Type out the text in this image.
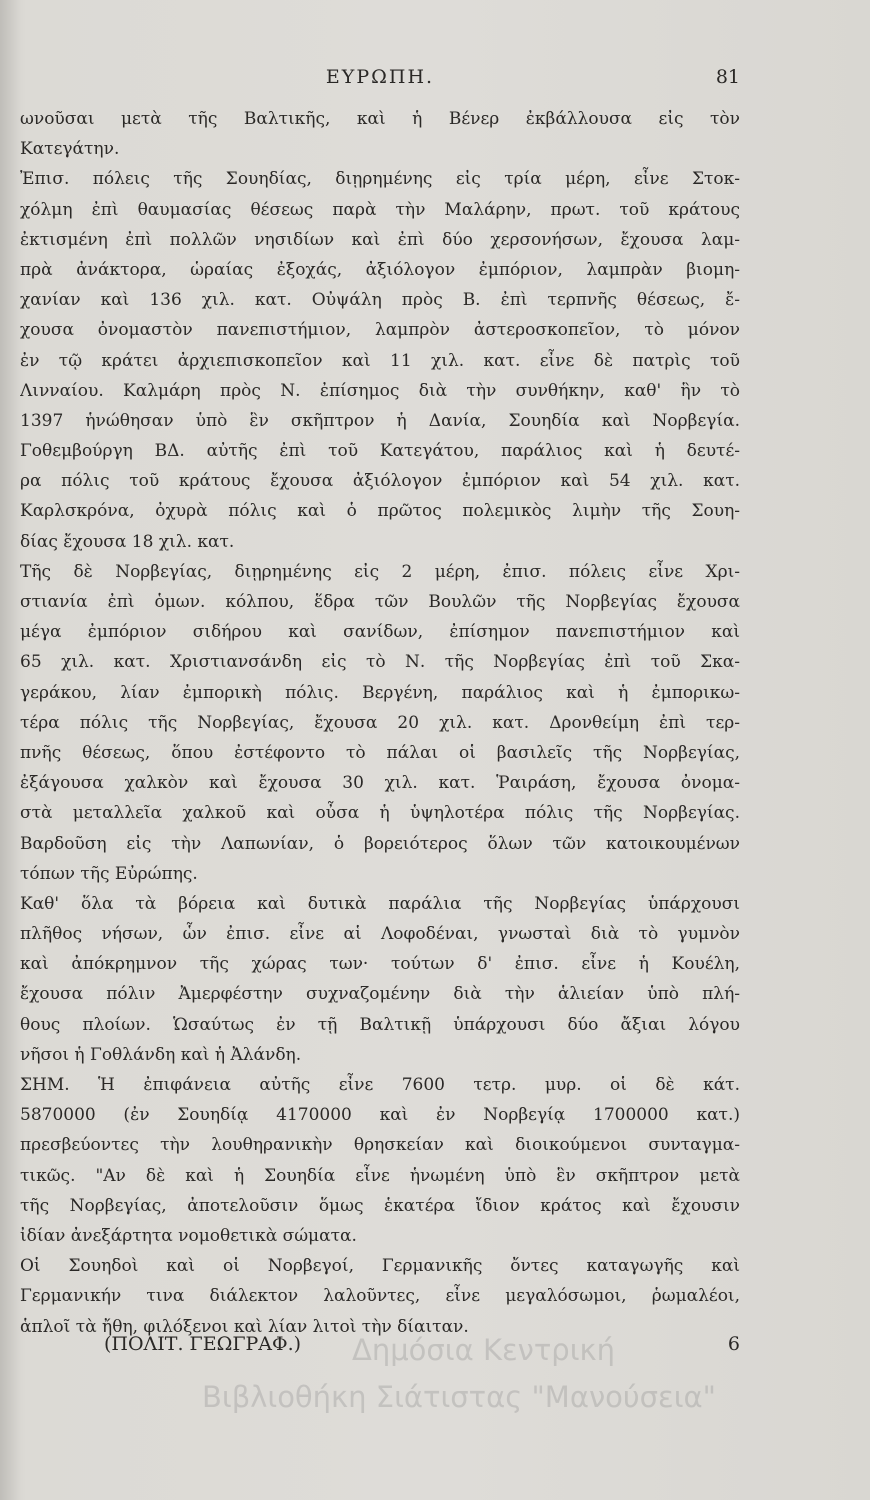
ΕΥΡΩΠΗ.	81
ωνοῦσαι μετὰ τῆς Βαλτικῆς, καὶ ἡ Βένερ ἐκβάλλουσα εἰς τὸν
Κατεγάτην.
Ἐπισ. πόλεις τῆς Σουηδίας, διῃρημένης εἰς τρία μέρη, εἶνε Στοκ-
χόλμη ἐπὶ θαυμασίας θέσεως παρὰ τὴν Μαλάρην, πρωτ. τοῦ κράτους
ἐκτισμένη ἐπὶ πολλῶν νησιδίων καὶ ἐπὶ δύο χερσονήσων, ἔχουσα λαμ-
πρὰ ἀνάκτορα, ὡραίας ἐξοχάς, ἀξιόλογον ἐμπόριον, λαμπρὰν βιομη-
χανίαν καὶ 136 χιλ. κατ. Οὐψάλη πρὸς Β. ἐπὶ τερπνῆς θέσεως, ἔ-
χουσα ὀνομαστὸν πανεπιστήμιον, λαμπρὸν ἀστεροσκοπεῖον, τὸ μόνον
ἐν τῷ κράτει ἀρχιεπισκοπεῖον καὶ 11 χιλ. κατ. εἶνε δὲ πατρὶς τοῦ
Λινναίου. Καλμάρη πρὸς Ν. ἐπίσημος διὰ τὴν συνθήκην, καθ' ἣν τὸ
1397 ἡνώθησαν ὑπὸ ἓν σκῆπτρον ἡ Δανία, Σουηδία καὶ Νορβεγία.
Γοθεμβούργη ΒΔ. αὐτῆς ἐπὶ τοῦ Κατεγάτου, παράλιος καὶ ἡ δευτέ-
ρα πόλις τοῦ κράτους ἔχουσα ἀξιόλογον ἐμπόριον καὶ 54 χιλ. κατ.
Καρλσκρόνα, ὀχυρὰ πόλις καὶ ὁ πρῶτος πολεμικὸς λιμὴν τῆς Σουη-
δίας ἔχουσα 18 χιλ. κατ.
Τῆς δὲ Νορβεγίας, διῃρημένης εἰς 2 μέρη, ἐπισ. πόλεις εἶνε Χρι-
στιανία ἐπὶ ὁμων. κόλπου, ἕδρα τῶν Βουλῶν τῆς Νορβεγίας ἔχουσα
μέγα ἐμπόριον σιδήρου καὶ σανίδων, ἐπίσημον πανεπιστήμιον καὶ
65 χιλ. κατ. Χριστιανσάνδη εἰς τὸ Ν. τῆς Νορβεγίας ἐπὶ τοῦ Σκα-
γεράκου, λίαν ἐμπορικὴ πόλις. Βεργένη, παράλιος καὶ ἡ ἐμπορικω-
τέρα πόλις τῆς Νορβεγίας, ἔχουσα 20 χιλ. κατ. Δρονθείμη ἐπὶ τερ-
πνῆς θέσεως, ὅπου ἐστέφοντο τὸ πάλαι οἱ βασιλεῖς τῆς Νορβεγίας,
ἐξάγουσα χαλκὸν καὶ ἔχουσα 30 χιλ. κατ. Ῥαιράση, ἔχουσα ὀνομα-
στὰ μεταλλεῖα χαλκοῦ καὶ οὖσα ἡ ὑψηλοτέρα πόλις τῆς Νορβεγίας.
Βαρδοῦση εἰς τὴν Λαπωνίαν, ὁ βορειότερος ὅλων τῶν κατοικουμένων
τόπων τῆς Εὐρώπης.
Καθ' ὅλα τὰ βόρεια καὶ δυτικὰ παράλια τῆς Νορβεγίας ὑπάρχουσι
πλῆθος νήσων, ὧν ἐπισ. εἶνε αἱ Λοφοδέναι, γνωσταὶ διὰ τὸ γυμνὸν
καὶ ἀπόκρημνον τῆς χώρας των· τούτων δ' ἐπισ. εἶνε ἡ Κουέλη,
ἔχουσα πόλιν Ἀμερφέστην συχναζομένην διὰ τὴν ἁλιείαν ὑπὸ πλή-
θους πλοίων. Ὡσαύτως ἐν τῇ Βαλτικῇ ὑπάρχουσι δύο ἄξιαι λόγου
νῆσοι ἡ Γοθλάνδη καὶ ἡ Ἀλάνδη.
ΣΗΜ. Ἡ ἐπιφάνεια αὐτῆς εἶνε 7600 τετρ. μυρ. οἱ δὲ κάτ.
5870000 (ἐν Σουηδίᾳ 4170000 καὶ ἐν Νορβεγίᾳ 1700000 κατ.)
πρεσβεύοντες τὴν λουθηρανικὴν θρησκείαν καὶ διοικούμενοι συνταγμα-
τικῶς. "Αν δὲ καὶ ἡ Σουηδία εἶνε ἡνωμένη ὑπὸ ἓν σκῆπτρον μετὰ
τῆς Νορβεγίας, ἀποτελοῦσιν ὅμως ἑκατέρα ἴδιον κράτος καὶ ἔχουσιν
ἰδίαν ἀνεξάρτητα νομοθετικὰ σώματα.
Οἱ Σουηδοὶ καὶ οἱ Νορβεγοί, Γερμανικῆς ὄντες καταγωγῆς καὶ
Γερμανικήν τινα διάλεκτον λαλοῦντες, εἶνε μεγαλόσωμοι, ῥωμαλέοι,
ἁπλοῖ τὰ ἤθη, φιλόξενοι καὶ λίαν λιτοὶ τὴν δίαιταν.
(ΠΟΛΙΤ. ΓΕΩΓΡΑΦ.)	6
Δημόσια Κεντρική
Βιβλιοθήκη Σιάτιστας "Μανούσεια"
